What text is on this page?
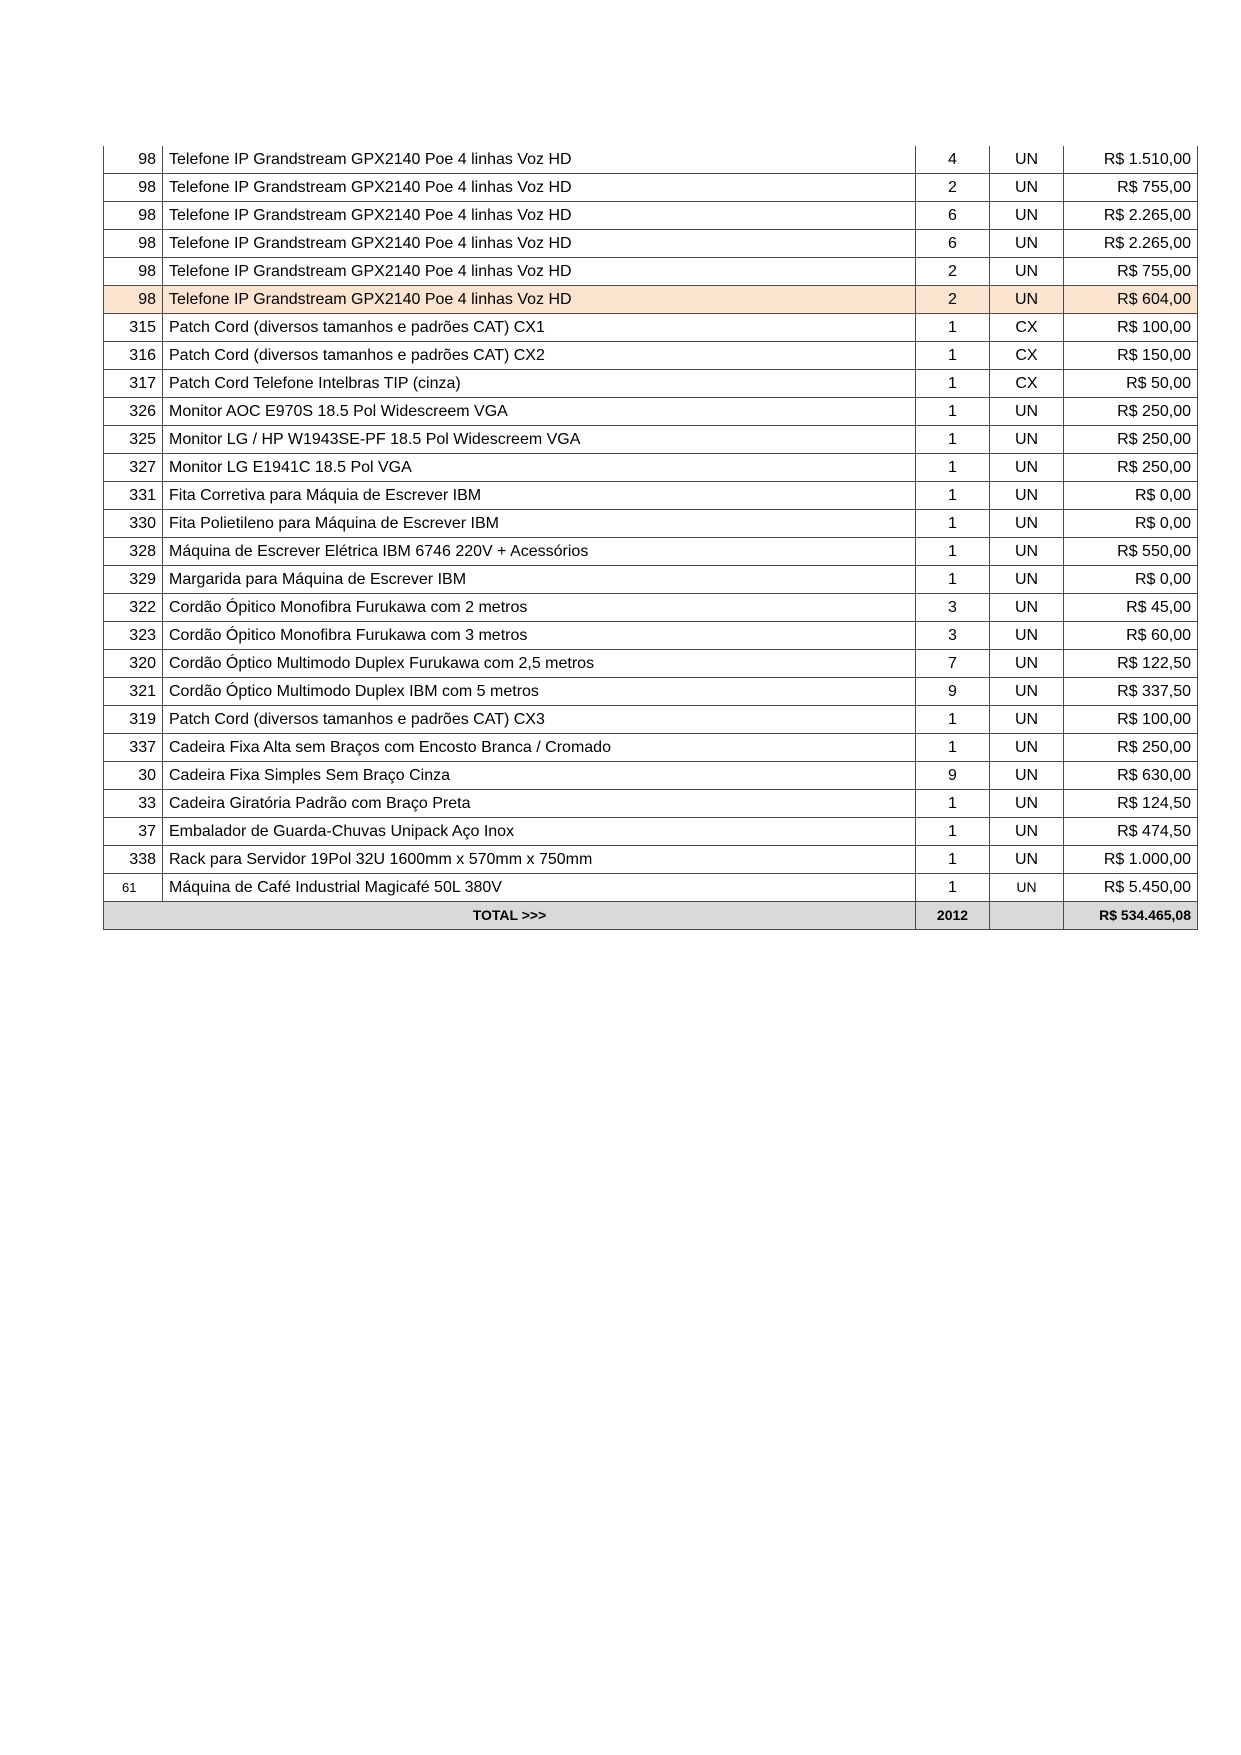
98	Telefone IP Grandstream GPX2140 Poe 4 linhas Voz HD	4	UN	R$ 1.510,00
98	Telefone IP Grandstream GPX2140 Poe 4 linhas Voz HD	2	UN	R$ 755,00
98	Telefone IP Grandstream GPX2140 Poe 4 linhas Voz HD	6	UN	R$ 2.265,00
98	Telefone IP Grandstream GPX2140 Poe 4 linhas Voz HD	6	UN	R$ 2.265,00
98	Telefone IP Grandstream GPX2140 Poe 4 linhas Voz HD	2	UN	R$ 755,00
98	Telefone IP Grandstream GPX2140 Poe 4 linhas Voz HD	2	UN	R$ 604,00
315	Patch Cord (diversos tamanhos e padrões CAT) CX1	1	CX	R$ 100,00
316	Patch Cord (diversos tamanhos e padrões CAT) CX2	1	CX	R$ 150,00
317	Patch Cord Telefone Intelbras TIP (cinza)	1	CX	R$ 50,00
326	Monitor AOC E970S 18.5 Pol Widescreem VGA	1	UN	R$ 250,00
325	Monitor LG / HP W1943SE-PF 18.5 Pol Widescreem VGA	1	UN	R$ 250,00
327	Monitor LG E1941C 18.5 Pol VGA	1	UN	R$ 250,00
331	Fita Corretiva para Máquia de Escrever IBM	1	UN	R$ 0,00
330	Fita Polietileno para Máquina de Escrever IBM	1	UN	R$ 0,00
328	Máquina de Escrever Elétrica IBM 6746 220V + Acessórios	1	UN	R$ 550,00
329	Margarida para Máquina de Escrever IBM	1	UN	R$ 0,00
322	Cordão Ópitico Monofibra Furukawa com 2 metros	3	UN	R$ 45,00
323	Cordão Ópitico Monofibra Furukawa com 3 metros	3	UN	R$ 60,00
320	Cordão Óptico Multimodo Duplex Furukawa com 2,5 metros	7	UN	R$ 122,50
321	Cordão Óptico Multimodo Duplex IBM com 5 metros	9	UN	R$ 337,50
319	Patch Cord (diversos tamanhos e padrões CAT) CX3	1	UN	R$ 100,00
337	Cadeira Fixa Alta sem Braços com Encosto Branca / Cromado	1	UN	R$ 250,00
30	Cadeira Fixa Simples Sem Braço Cinza	9	UN	R$ 630,00
33	Cadeira Giratória Padrão com Braço Preta	1	UN	R$ 124,50
37	Embalador de Guarda-Chuvas Unipack Aço Inox	1	UN	R$ 474,50
338	Rack para Servidor 19Pol 32U 1600mm x 570mm x 750mm	1	UN	R$ 1.000,00
61	Máquina de Café Industrial Magicafé 50L 380V	1	UN	R$ 5.450,00
TOTAL >>>		2012		R$ 534.465,08
